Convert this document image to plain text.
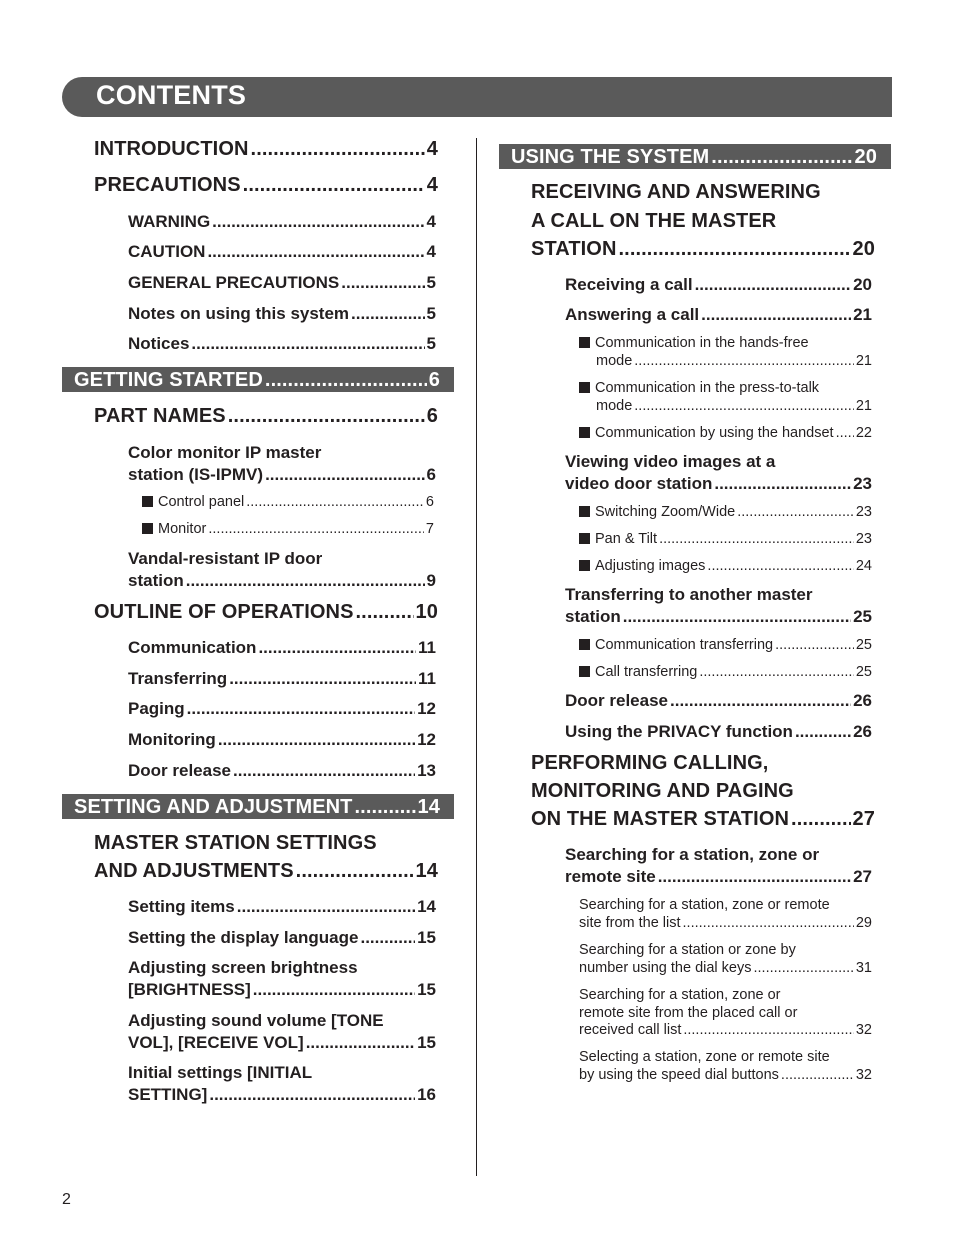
CONTENTS
INTRODUCTION .....	4
PRECAUTIONS .....	4
WARNING .....	4
CAUTION .....	4
GENERAL PRECAUTIONS .....	5
Notes on using this system .....	5
Notices .....	5
GETTING STARTED .....	6
PART NAMES .....	6
Color monitor IP master
station (IS-IPMV) .....	6
Control panel .....	6
Monitor .....	7
Vandal-resistant IP door
station .....	9
OUTLINE OF OPERATIONS .....	10
Communication .....	11
Transferring .....	11
Paging .....	12
Monitoring .....	12
Door release .....	13
SETTING AND ADJUSTMENT .....	14
MASTER STATION SETTINGS
AND ADJUSTMENTS .....	14
Setting items .....	14
Setting the display language .....	15
Adjusting screen brightness
[BRIGHTNESS] .....	15
Adjusting sound volume [TONE
VOL], [RECEIVE VOL] .....	15
Initial settings [INITIAL
SETTING] .....	16
USING THE SYSTEM .....	20
RECEIVING AND ANSWERING
A CALL ON THE MASTER
STATION .....	20
Receiving a call .....	20
Answering a call .....	21
Communication in the hands-free
mode .....	21
Communication in the press-to-talk
mode .....	21
Communication by using the handset ..... 22
Viewing video images at a
video door station .....	23
Switching Zoom/Wide .....	23
Pan & Tilt .....	23
Adjusting images .....	24
Transferring to another master
station .....	25
Communication transferring .....	25
Call transferring .....	25
Door release .....	26
Using the PRIVACY function .....	26
PERFORMING CALLING,
MONITORING AND PAGING
ON THE MASTER STATION .....	27
Searching for a station, zone or
remote site .....	27
Searching for a station, zone or remote
site from the list .....	29
Searching for a station or zone by
number using the dial keys .....	31
Searching for a station, zone or
remote site from the placed call or
received call list .....	32
Selecting a station, zone or remote site
by using the speed dial buttons .....	32
2
